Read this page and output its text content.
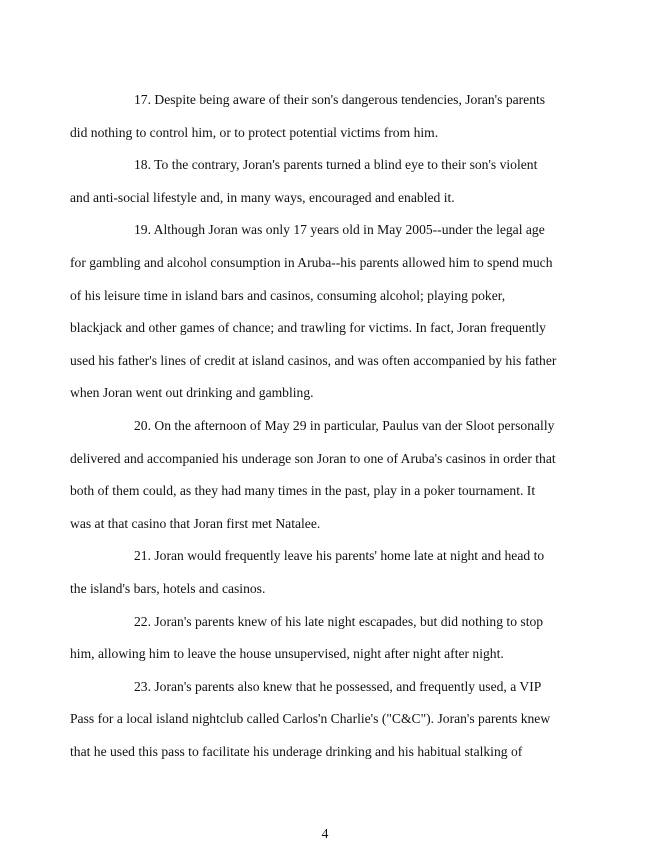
17. Despite being aware of their son's dangerous tendencies, Joran's parents
did nothing to control him, or to protect potential victims from him.

18. To the contrary, Joran's parents turned a blind eye to their son's violent
and anti-social lifestyle and, in many ways, encouraged and enabled it.

19. Although Joran was only 17 years old in May 2005--under the legal age
for gambling and alcohol consumption in Aruba--his parents allowed him to spend much
of his leisure time in island bars and casinos, consuming alcohol; playing poker,
blackjack and other games of chance; and trawling for victims. In fact, Joran frequently
used his father's lines of credit at island casinos, and was often accompanied by his father
when Joran went out drinking and gambling.

20. On the afternoon of May 29 in particular, Paulus van der Sloot personally
delivered and accompanied his underage son Joran to one of Aruba's casinos in order that
both of them could, as they had many times in the past, play in a poker tournament. It
was at that casino that Joran first met Natalee.

21. Joran would frequently leave his parents' home late at night and head to
the island's bars, hotels and casinos.

22. Joran's parents knew of his late night escapades, but did nothing to stop
him, allowing him to leave the house unsupervised, night after night after night.

23. Joran's parents also knew that he possessed, and frequently used, a VIP
Pass for a local island nightclub called Carlos'n Charlie's ("C&C"). Joran's parents knew
that he used this pass to facilitate his underage drinking and his habitual stalking of

4
